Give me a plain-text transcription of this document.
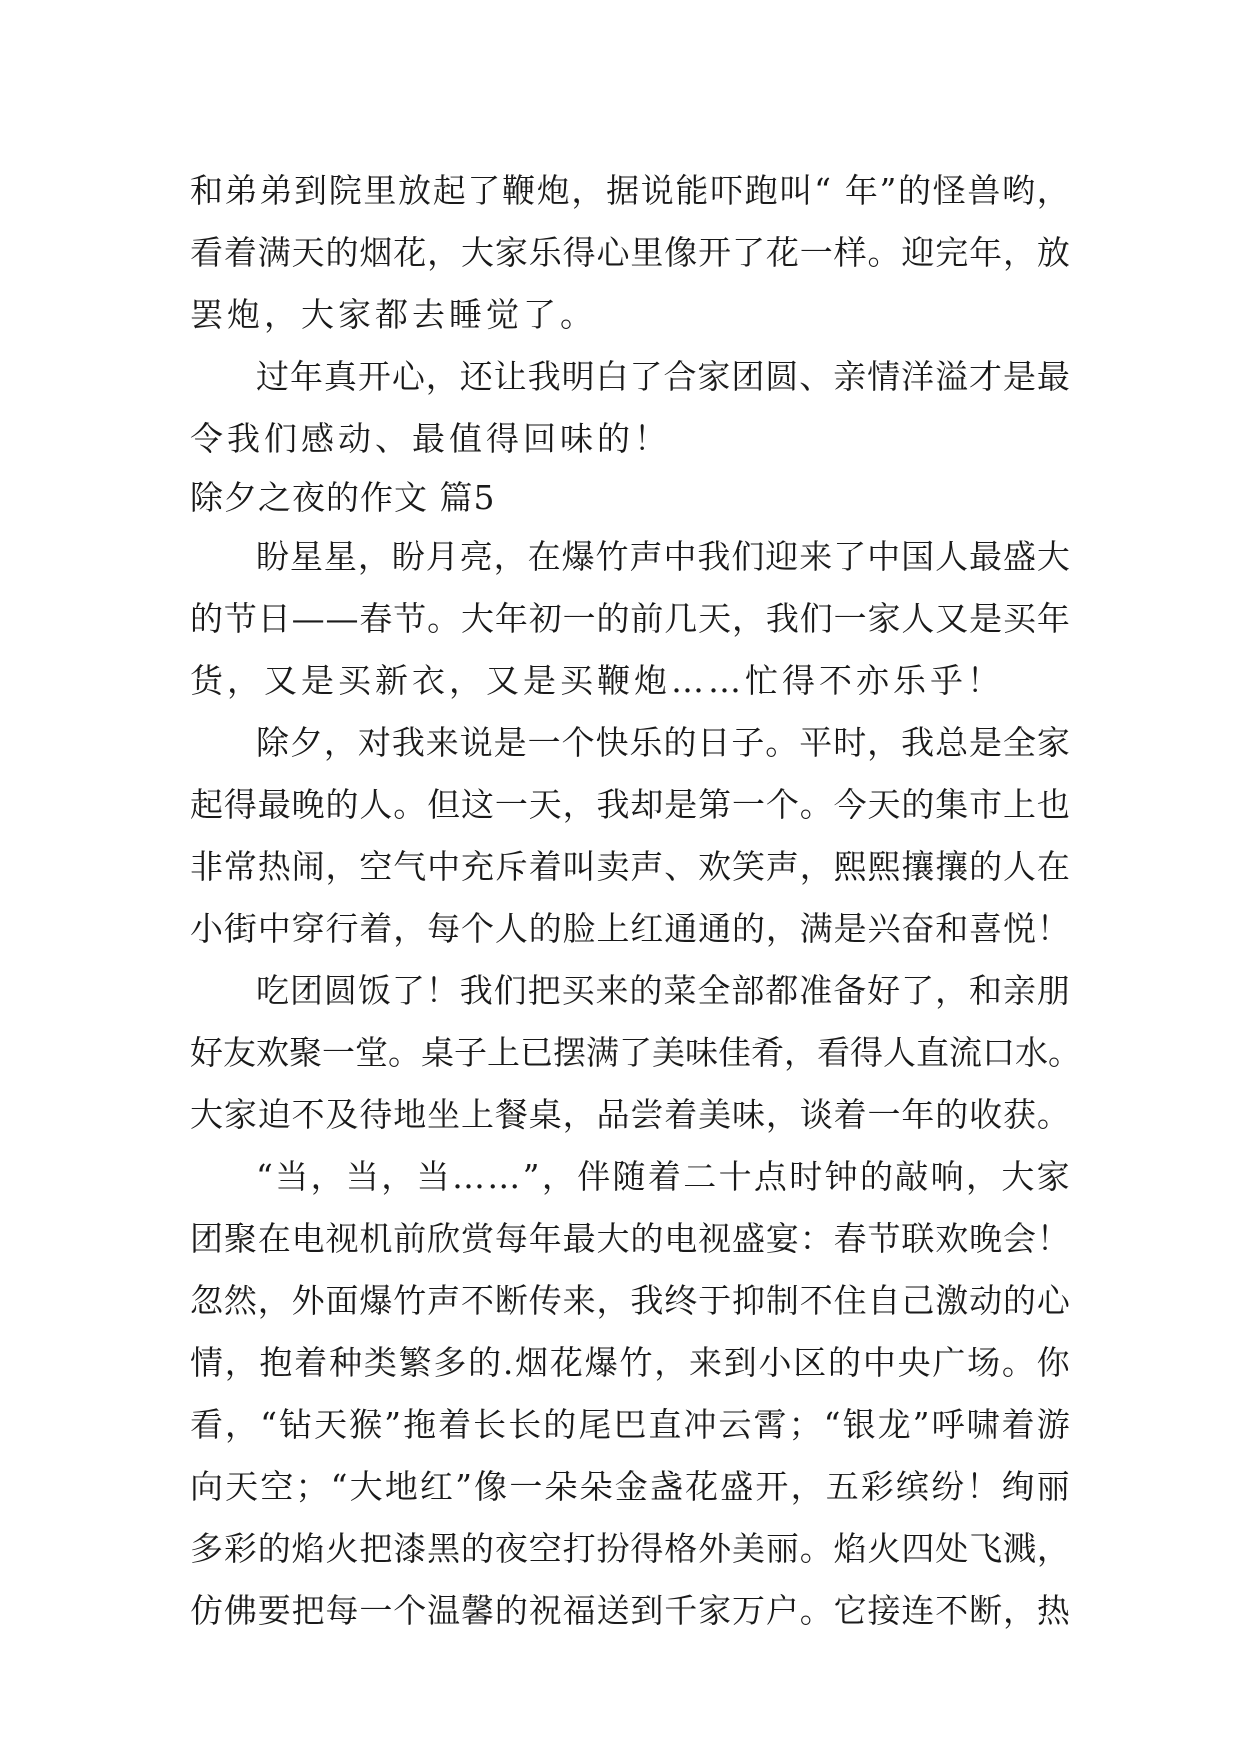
和 弟 弟 到 院 里 放 起 了 鞭 炮 ， 据 说 能 吓 跑 叫 “
年 ” 的 怪 兽 哟 ，
看 着 满 天 的 烟 花 ， 大 家 乐 得 心 里 像 开 了 花 一 样 。 迎 完 年 ， 放
罢炮，大家都去睡觉了。
过 年 真 开 心 ， 还 让 我 明 白 了 合 家 团 圆 、 亲 情 洋 溢 才 是 最
令我们感动、最值得回味的！
除夕之夜的作文 篇5
盼 星 星 ， 盼 月 亮 ， 在 爆 竹 声 中 我 们 迎 来 了 中 国 人 最 盛 大
的 节 日 — — 春 节 。 大 年 初 一 的 前 几 天 ， 我 们 一 家 人 又 是 买 年
货，又是买新衣，又是买鞭炮……忙得不亦乐乎！
除 夕 ， 对 我 来 说 是 一 个 快 乐 的 日 子 。 平 时 ， 我 总 是 全 家
起 得 最 晚 的 人 。 但 这 一 天 ， 我 却 是 第 一 个 。 今 天 的 集 市 上 也
非 常 热 闹 ， 空 气 中 充 斥 着 叫 卖 声 、 欢 笑 声 ， 熙 熙 攘 攘 的 人 在
小 街 中 穿 行 着 ， 每 个 人 的 脸 上 红 通 通 的 ， 满 是 兴 奋 和 喜 悦 ！
吃 团 圆 饭 了 ！ 我 们 把 买 来 的 菜 全 部 都 准 备 好 了 ， 和 亲 朋
好 友 欢 聚 一 堂 。 桌 子 上 已 摆 满 了 美 味 佳 肴 ， 看 得 人 直 流 口 水 。
大 家 迫 不 及 待 地 坐 上 餐 桌 ， 品 尝 着 美 味 ， 谈 着 一 年 的 收 获 。
“ 当 ， 当 ， 当 … … ” ， 伴 随 着 二 十 点 时 钟 的 敲 响 ， 大 家
团 聚 在 电 视 机 前 欣 赏 每 年 最 大 的 电 视 盛 宴 ： 春 节 联 欢 晚 会 ！
忽 然 ， 外 面 爆 竹 声 不 断 传 来 ， 我 终 于 抑 制 不 住 自 己 激 动 的 心
情 ， 抱 着 种 类 繁 多 的 . 烟 花 爆 竹 ， 来 到 小 区 的 中 央 广 场 。 你
看 ， “ 钻 天 猴 ” 拖 着 长 长 的 尾 巴 直 冲 云 霄 ； “ 银 龙 ” 呼 啸 着 游
向 天 空 ； “ 大 地 红 ” 像 一 朵 朵 金 盏 花 盛 开 ， 五 彩 缤 纷 ！ 绚 丽
多 彩 的 焰 火 把 漆 黑 的 夜 空 打 扮 得 格 外 美 丽 。 焰 火 四 处 飞 溅 ，
仿 佛 要 把 每 一 个 温 馨 的 祝 福 送 到 千 家 万 户 。 它 接 连 不 断 ， 热
